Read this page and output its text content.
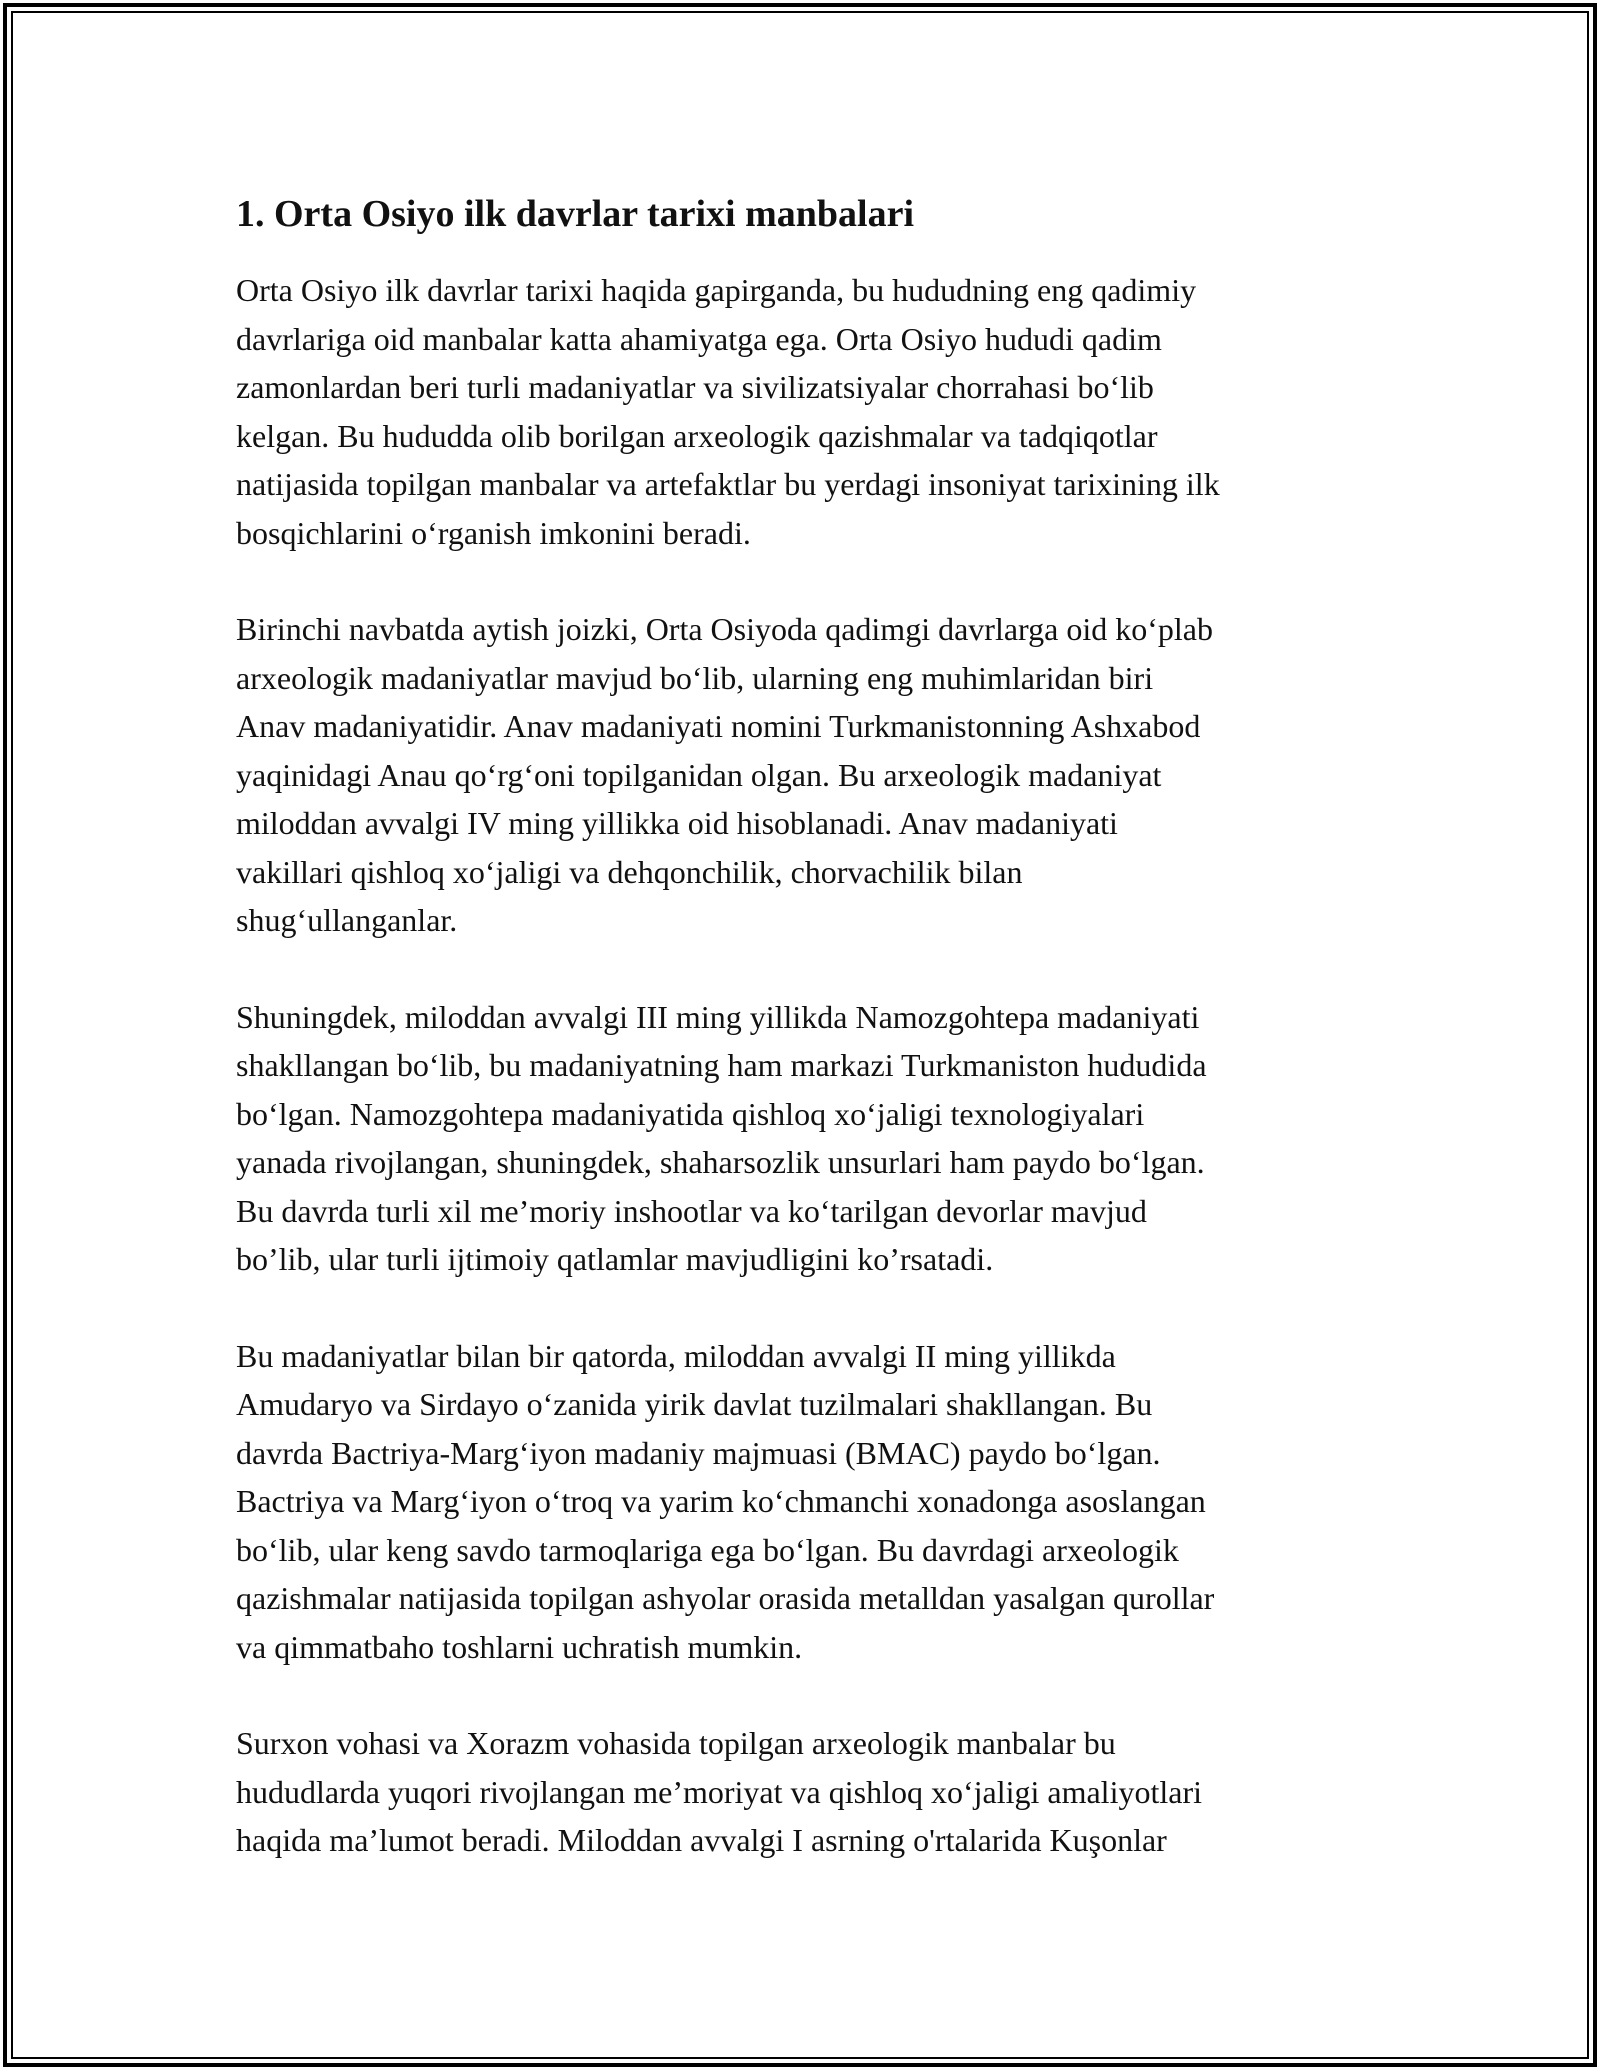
1. Orta Osiyo ilk davrlar tarixi manbalari

Orta Osiyo ilk davrlar tarixi haqida gapirganda, bu hududning eng qadimiy
davrlariga oid manbalar katta ahamiyatga ega. Orta Osiyo hududi qadim
zamonlardan beri turli madaniyatlar va sivilizatsiyalar chorrahasi bo‘lib
kelgan. Bu hududda olib borilgan arxeologik qazishmalar va tadqiqotlar
natijasida topilgan manbalar va artefaktlar bu yerdagi insoniyat tarixining ilk
bosqichlarini o‘rganish imkonini beradi.

Birinchi navbatda aytish joizki, Orta Osiyoda qadimgi davrlarga oid ko‘plab
arxeologik madaniyatlar mavjud bo‘lib, ularning eng muhimlaridan biri
Anav madaniyatidir. Anav madaniyati nomini Turkmanistonning Ashxabod
yaqinidagi Anau qo‘rg‘oni topilganidan olgan. Bu arxeologik madaniyat
miloddan avvalgi IV ming yillikka oid hisoblanadi. Anav madaniyati
vakillari qishloq xo‘jaligi va dehqonchilik, chorvachilik bilan
shug‘ullanganlar.

Shuningdek, miloddan avvalgi III ming yillikda Namozgohtepa madaniyati
shakllangan bo‘lib, bu madaniyatning ham markazi Turkmaniston hududida
bo‘lgan. Namozgohtepa madaniyatida qishloq xo‘jaligi texnologiyalari
yanada rivojlangan, shuningdek, shaharsozlik unsurlari ham paydo bo‘lgan.
Bu davrda turli xil me’moriy inshootlar va ko‘tarilgan devorlar mavjud
bo’lib, ular turli ijtimoiy qatlamlar mavjudligini ko’rsatadi.

Bu madaniyatlar bilan bir qatorda, miloddan avvalgi II ming yillikda
Amudaryo va Sirdayo o‘zanida yirik davlat tuzilmalari shakllangan. Bu
davrda Bactriya-Marg‘iyon madaniy majmuasi (BMAC) paydo bo‘lgan.
Bactriya va Marg‘iyon o‘troq va yarim ko‘chmanchi xonadonga asoslangan
bo‘lib, ular keng savdo tarmoqlariga ega bo‘lgan. Bu davrdagi arxeologik
qazishmalar natijasida topilgan ashyolar orasida metalldan yasalgan qurollar
va qimmatbaho toshlarni uchratish mumkin.

Surxon vohasi va Xorazm vohasida topilgan arxeologik manbalar bu
hududlarda yuqori rivojlangan me’moriyat va qishloq xo‘jaligi amaliyotlari
haqida ma’lumot beradi. Miloddan avvalgi I asrning o'rtalarida Kuşonlar
